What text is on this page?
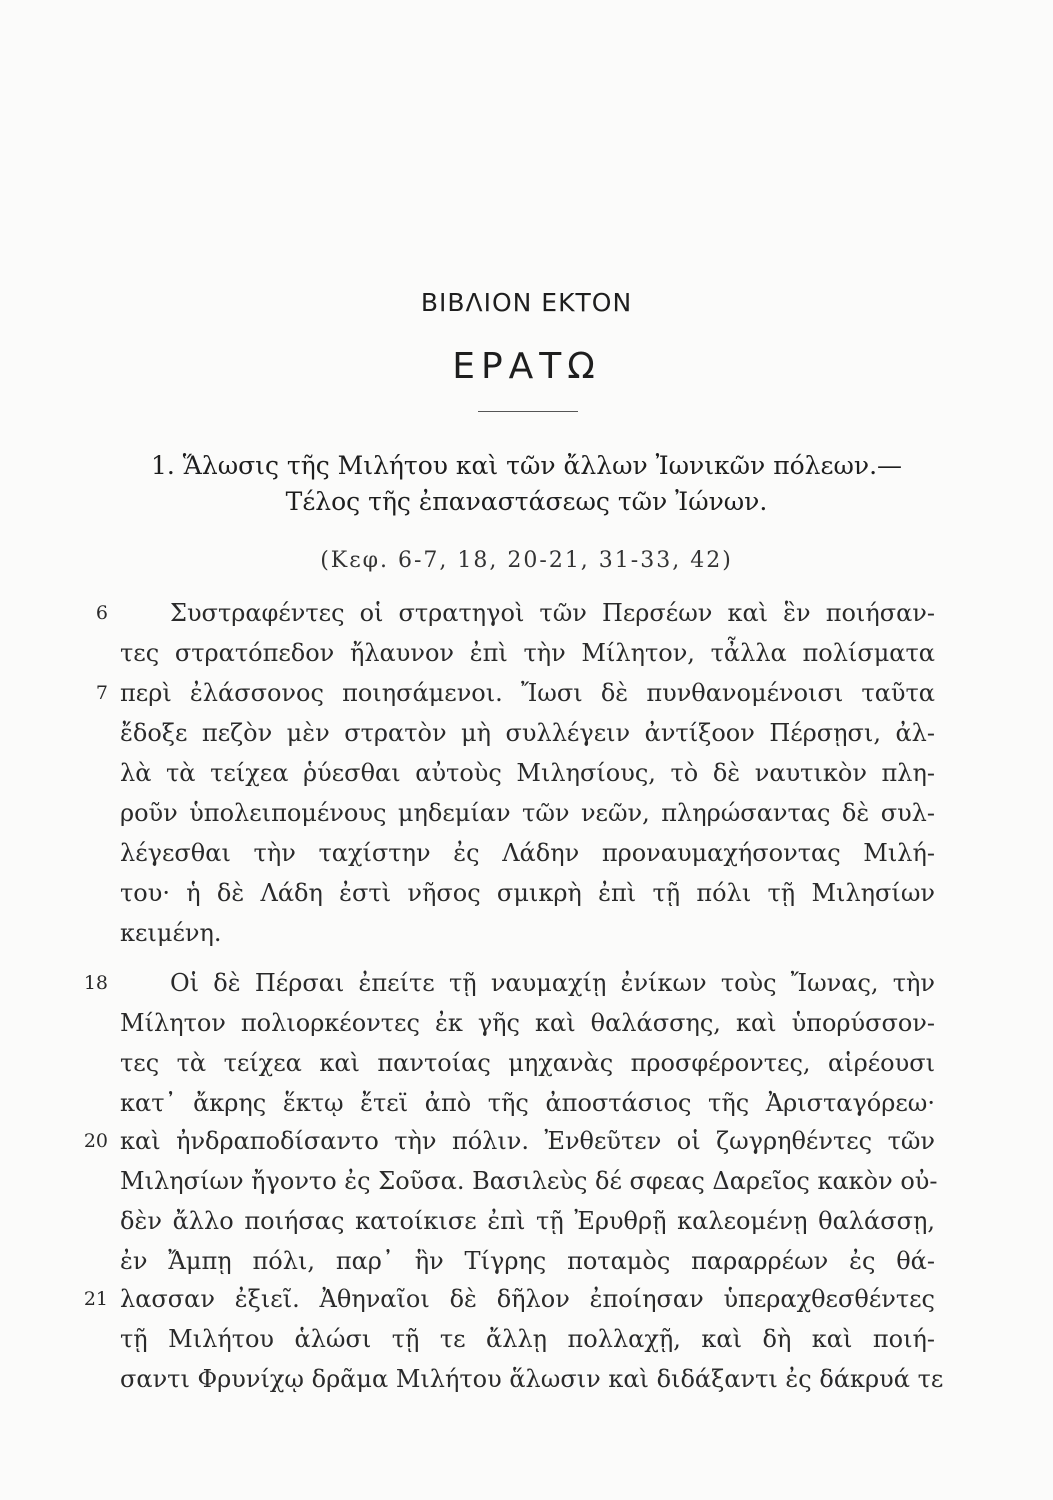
ΒΙΒΛΙΟΝ ΕΚΤΟΝ
ΕΡΑΤΩ
1. Ἅλωσις τῆς Μιλήτου καὶ τῶν ἄλλων Ἰωνικῶν πόλεων.—
Τέλος τῆς ἐπαναστάσεως τῶν Ἰώνων.
(Κεφ. 6-7, 18, 20-21, 31-33, 42)
6
7
18
20
21
Συστραφέντες οἱ στρατηγοὶ τῶν Περσέων καὶ ἓν ποιήσαν-
τες στρατόπεδον ἤλαυνον ἐπὶ τὴν Μίλητον, τἆλλα πολίσματα
περὶ ἐλάσσονος ποιησάμενοι. Ἴωσι δὲ πυνθανομένοισι ταῦτα
ἔδοξε πεζὸν μὲν στρατὸν μὴ συλλέγειν ἀντίξοον Πέρσῃσι, ἀλ-
λὰ τὰ τείχεα ῥύεσθαι αὐτοὺς Μιλησίους, τὸ δὲ ναυτικὸν πλη-
ροῦν ὑπολειπομένους μηδεμίαν τῶν νεῶν, πληρώσαντας δὲ συλ-
λέγεσθαι τὴν ταχίστην ἐς Λάδην προναυμαχήσοντας Μιλή-
του· ἡ δὲ Λάδη ἐστὶ νῆσος σμικρὴ ἐπὶ τῇ πόλι τῇ Μιλησίων
κειμένη.
Οἱ δὲ Πέρσαι ἐπείτε τῇ ναυμαχίῃ ἐνίκων τοὺς Ἴωνας, τὴν
Μίλητον πολιορκέοντες ἐκ γῆς καὶ θαλάσσης, καὶ ὑπορύσσον-
τες τὰ τείχεα καὶ παντοίας μηχανὰς προσφέροντες, αἱρέουσι
κατ᾽ ἄκρης ἕκτῳ ἔτεϊ ἀπὸ τῆς ἀποστάσιος τῆς Ἀρισταγόρεω·
καὶ ἠνδραποδίσαντο τὴν πόλιν. Ἐνθεῦτεν οἱ ζωγρηθέντες τῶν
Μιλησίων ἤγοντο ἐς Σοῦσα. Βασιλεὺς δέ σφεας Δαρεῖος κακὸν οὐ-
δὲν ἄλλο ποιήσας κατοίκισε ἐπὶ τῇ Ἐρυθρῇ καλεομένῃ θαλάσσῃ,
ἐν Ἄμπῃ πόλι, παρ᾽ ἣν Τίγρης ποταμὸς παραρρέων ἐς θά-
λασσαν ἐξιεῖ. Ἀθηναῖοι δὲ δῆλον ἐποίησαν ὑπεραχθεσθέντες
τῇ Μιλήτου ἁλώσι τῇ τε ἄλλῃ πολλαχῇ, καὶ δὴ καὶ ποιή-
σαντι Φρυνίχῳ δρᾶμα Μιλήτου ἅλωσιν καὶ διδάξαντι ἐς δάκρυά τε
